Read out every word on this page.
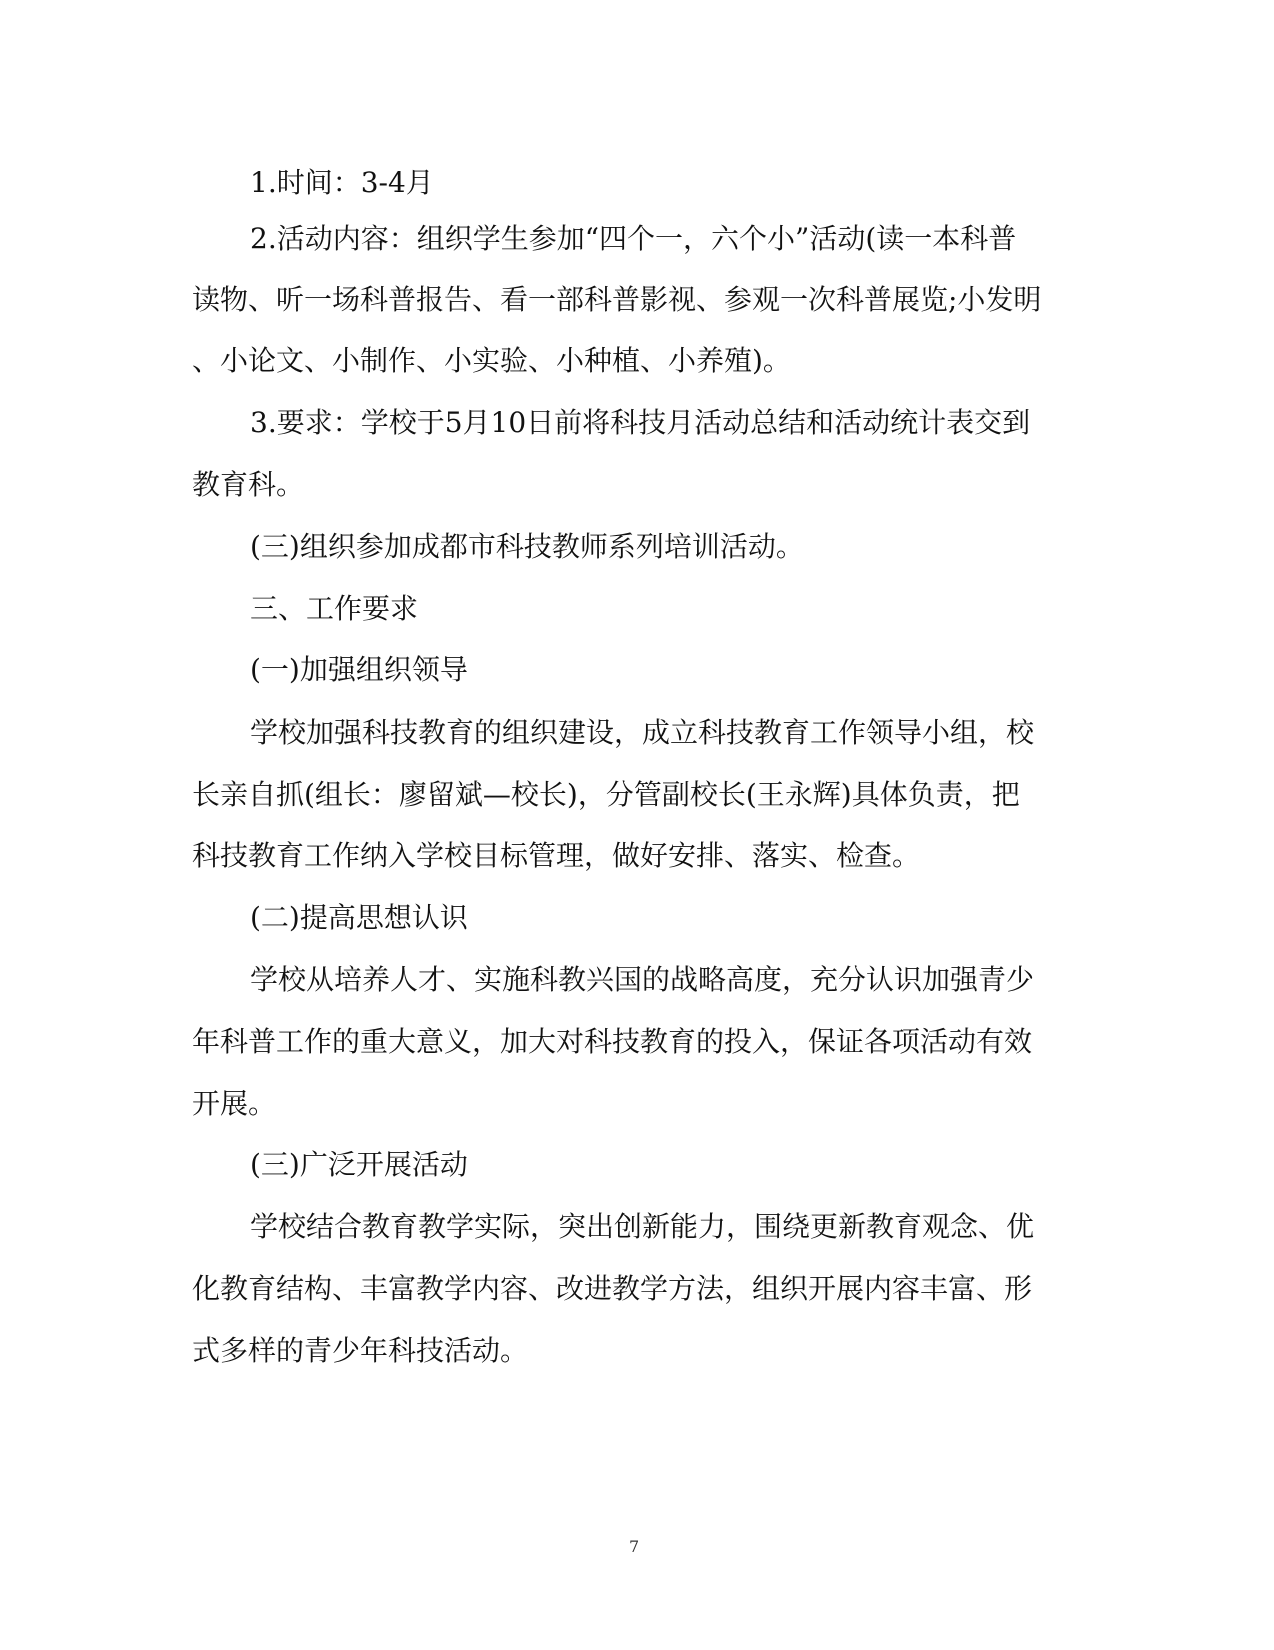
1.时间：3-4月
2.活动内容：组织学生参加“四个一，六个小”活动(读一本科普
读物、听一场科普报告、看一部科普影视、参观一次科普展览;小发明
、小论文、小制作、小实验、小种植、小养殖)。
3.要求：学校于5月10日前将科技月活动总结和活动统计表交到
教育科。
(三)组织参加成都市科技教师系列培训活动。
三、工作要求
(一)加强组织领导
学校加强科技教育的组织建设，成立科技教育工作领导小组，校
长亲自抓(组长：廖留斌—校长)，分管副校长(王永辉)具体负责，把
科技教育工作纳入学校目标管理，做好安排、落实、检查。
(二)提高思想认识
学校从培养人才、实施科教兴国的战略高度，充分认识加强青少
年科普工作的重大意义，加大对科技教育的投入，保证各项活动有效
开展。
(三)广泛开展活动
学校结合教育教学实际，突出创新能力，围绕更新教育观念、优
化教育结构、丰富教学内容、改进教学方法，组织开展内容丰富、形
式多样的青少年科技活动。
7
